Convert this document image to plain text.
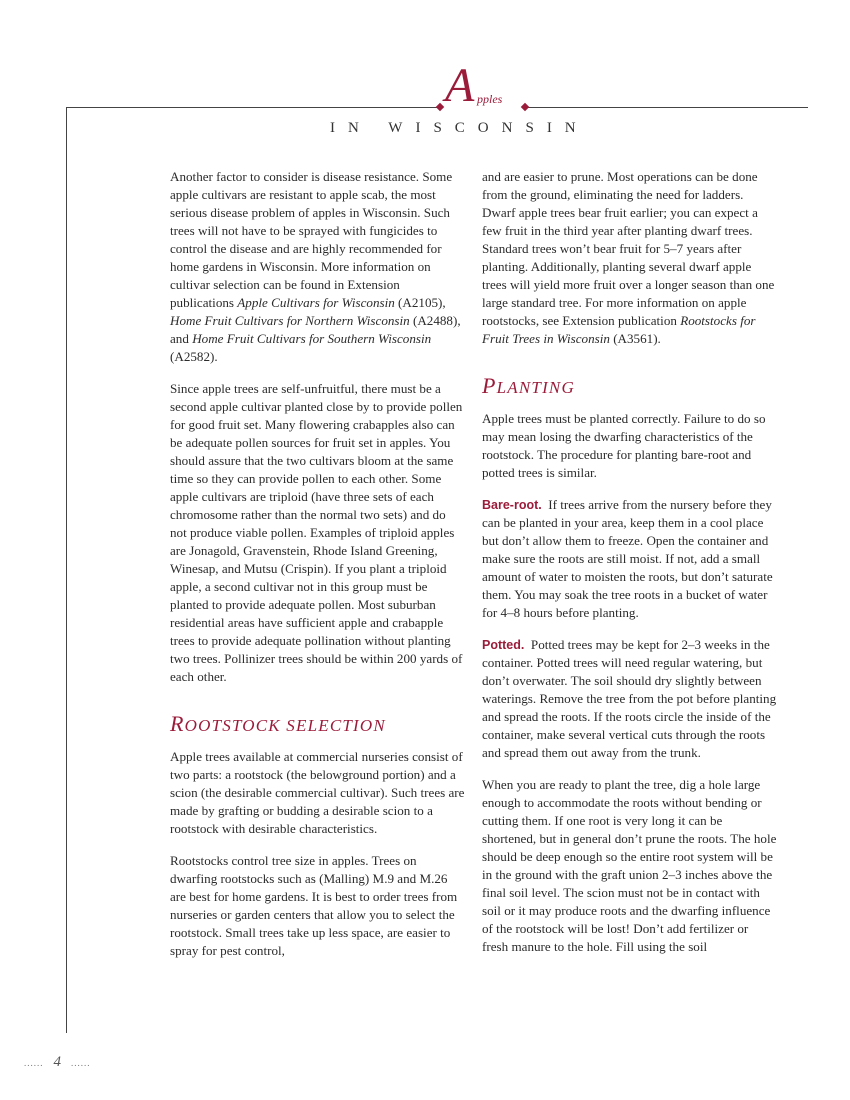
A pples
IN WISCONSIN

Another factor to consider is disease resistance. Some apple cultivars are resistant to apple scab, the most serious disease problem of apples in Wisconsin. Such trees will not have to be sprayed with fungicides to control the disease and are highly recommended for home gardens in Wisconsin. More information on cultivar selection can be found in Extension publications Apple Cultivars for Wisconsin (A2105), Home Fruit Cultivars for Northern Wisconsin (A2488), and Home Fruit Cultivars for Southern Wisconsin (A2582).

Since apple trees are self-unfruitful, there must be a second apple cultivar planted close by to provide pollen for good fruit set. Many flowering crabapples also can be adequate pollen sources for fruit set in apples. You should assure that the two cultivars bloom at the same time so they can provide pollen to each other. Some apple cultivars are triploid (have three sets of each chromosome rather than the normal two sets) and do not produce viable pollen. Examples of triploid apples are Jonagold, Gravenstein, Rhode Island Greening, Winesap, and Mutsu (Crispin). If you plant a triploid apple, a second cultivar not in this group must be planted to provide adequate pollen. Most suburban residential areas have sufficient apple and crabapple trees to provide adequate pollination without planting two trees. Pollinizer trees should be within 200 yards of each other.

ROOTSTOCK SELECTION

Apple trees available at commercial nurseries consist of two parts: a rootstock (the belowground portion) and a scion (the desirable commercial cultivar). Such trees are made by grafting or budding a desirable scion to a rootstock with desirable characteristics.

Rootstocks control tree size in apples. Trees on dwarfing rootstocks such as (Malling) M.9 and M.26 are best for home gardens. It is best to order trees from nurseries or garden centers that allow you to select the rootstock. Small trees take up less space, are easier to spray for pest control,

and are easier to prune. Most operations can be done from the ground, eliminating the need for ladders. Dwarf apple trees bear fruit earlier; you can expect a few fruit in the third year after planting dwarf trees. Standard trees won’t bear fruit for 5–7 years after planting. Additionally, planting several dwarf apple trees will yield more fruit over a longer season than one large standard tree. For more information on apple rootstocks, see Extension publication Rootstocks for Fruit Trees in Wisconsin (A3561).

PLANTING

Apple trees must be planted correctly. Failure to do so may mean losing the dwarfing characteristics of the rootstock. The procedure for planting bare-root and potted trees is similar.

Bare-root. If trees arrive from the nursery before they can be planted in your area, keep them in a cool place but don’t allow them to freeze. Open the container and make sure the roots are still moist. If not, add a small amount of water to moisten the roots, but don’t saturate them. You may soak the tree roots in a bucket of water for 4–8 hours before planting.

Potted. Potted trees may be kept for 2–3 weeks in the container. Potted trees will need regular watering, but don’t overwater. The soil should dry slightly between waterings. Remove the tree from the pot before planting and spread the roots. If the roots circle the inside of the container, make several vertical cuts through the roots and spread them out away from the trunk.

When you are ready to plant the tree, dig a hole large enough to accommodate the roots without bending or cutting them. If one root is very long it can be shortened, but in general don’t prune the roots. The hole should be deep enough so the entire root system will be in the ground with the graft union 2–3 inches above the final soil level. The scion must not be in contact with soil or it may produce roots and the dwarfing influence of the rootstock will be lost! Don’t add fertilizer or fresh manure to the hole. Fill using the soil

...... 4 ......
